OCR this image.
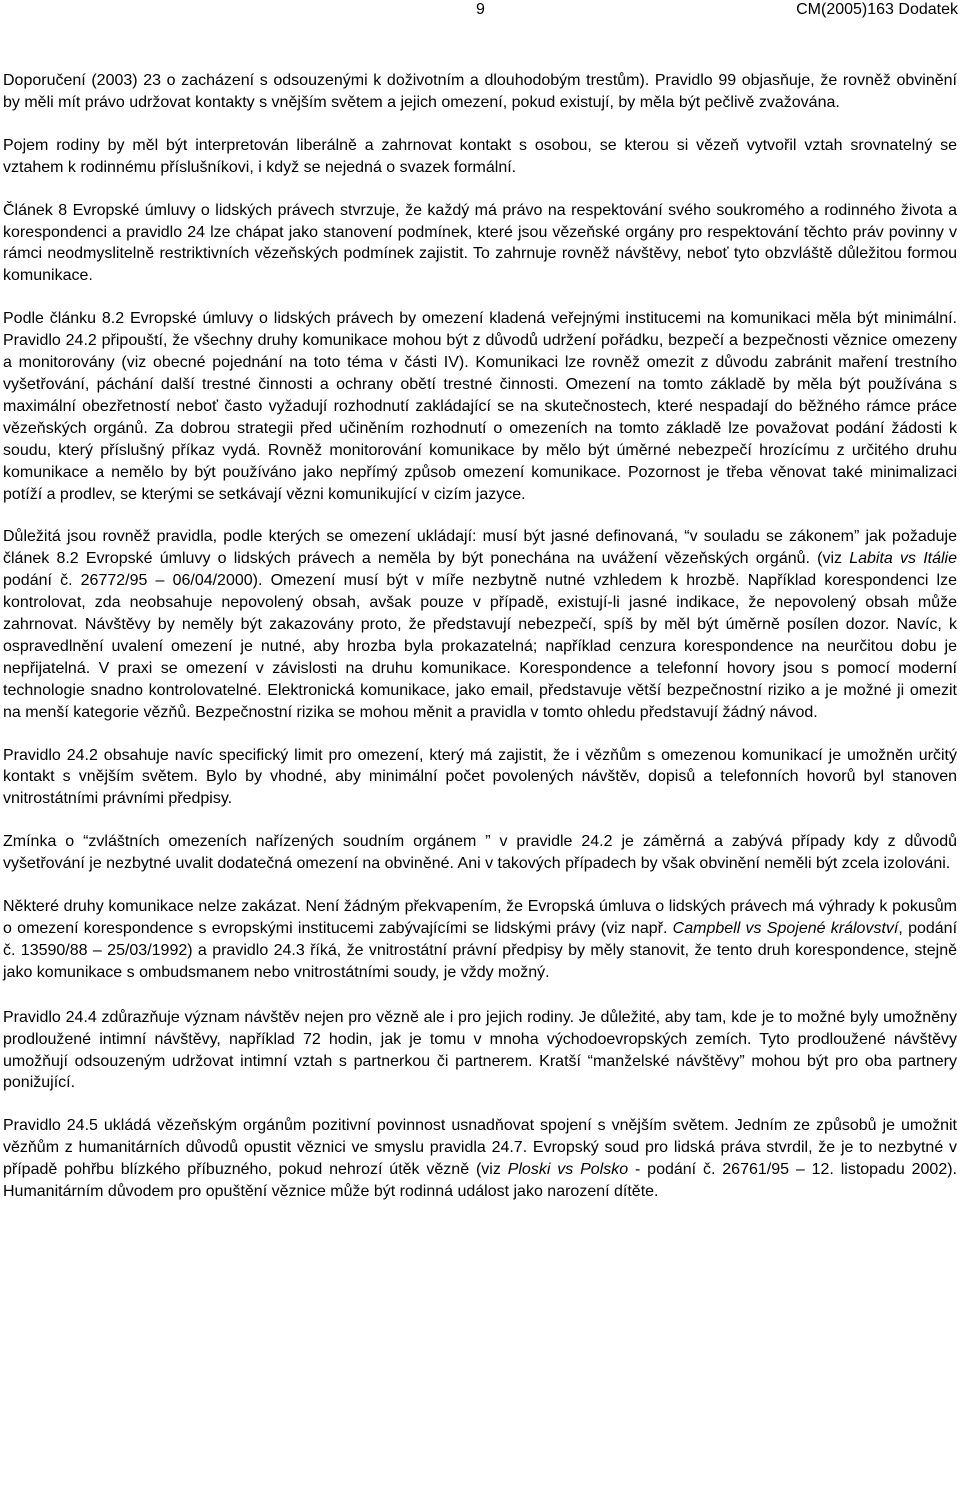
9	CM(2005)163 Dodatek

Doporučení (2003) 23 o zacházení s odsouzenými k doživotním a dlouhodobým trestům). Pravidlo 99 objasňuje, že rovněž obvinění by měli mít právo udržovat kontakty s vnějším světem a jejich omezení, pokud existují, by měla být pečlivě zvažována.

Pojem rodiny by měl být interpretován liberálně a zahrnovat kontakt s osobou, se kterou si vězeň vytvořil vztah srovnatelný se vztahem k rodinnému příslušníkovi, i když se nejedná o svazek formální.

Článek 8 Evropské úmluvy o lidských právech stvrzuje, že každý má právo na respektování svého soukromého a rodinného života a korespondenci a pravidlo 24 lze chápat jako stanovení podmínek, které jsou vězeňské orgány pro respektování těchto práv povinny v rámci neodmyslitelně restriktivních vězeňských podmínek zajistit. To zahrnuje rovněž návštěvy, neboť tyto obzvláště důležitou formou komunikace.

Podle článku 8.2 Evropské úmluvy o lidských právech by omezení kladená veřejnými institucemi na komunikaci měla být minimální. Pravidlo 24.2 připouští, že všechny druhy komunikace mohou být z důvodů udržení pořádku, bezpečí a bezpečnosti věznice omezeny a monitorovány (viz obecné pojednání na toto téma v části IV). Komunikaci lze rovněž omezit z důvodu zabránit maření trestního vyšetřování, páchání další trestné činnosti a ochrany obětí trestné činnosti. Omezení na tomto základě by měla být používána s maximální obezřetností neboť často vyžadují rozhodnutí zakládající se na skutečnostech, které nespadají do běžného rámce práce vězeňských orgánů. Za dobrou strategii před učiněním rozhodnutí o omezeních na tomto základě lze považovat podání žádosti k soudu, který příslušný příkaz vydá. Rovněž monitorování komunikace by mělo být úměrné nebezpečí hrozícímu z určitého druhu komunikace a nemělo by být používáno jako nepřímý způsob omezení komunikace. Pozornost je třeba věnovat také minimalizaci potíží a prodlev, se kterými se setkávají vězni komunikující v cizím jazyce.

Důležitá jsou rovněž pravidla, podle kterých se omezení ukládají: musí být jasné definovaná, “v souladu se zákonem” jak požaduje článek 8.2 Evropské úmluvy o lidských právech a neměla by být ponechána na uvážení vězeňských orgánů. (viz Labita vs Itálie podání č. 26772/95 – 06/04/2000). Omezení musí být v míře nezbytně nutné vzhledem k hrozbě. Například korespondenci lze kontrolovat, zda neobsahuje nepovolený obsah, avšak pouze v případě, existují-li jasné indikace, že nepovolený obsah může zahrnovat. Návštěvy by neměly být zakazovány proto, že představují nebezpečí, spíš by měl být úměrně posílen dozor. Navíc, k ospravedlnění uvalení omezení je nutné, aby hrozba byla prokazatelná; například cenzura korespondence na neurčitou dobu je nepřijatelná. V praxi se omezení v závislosti na druhu komunikace. Korespondence a telefonní hovory jsou s pomocí moderní technologie snadno kontrolovatelné. Elektronická komunikace, jako email, představuje větší bezpečnostní riziko a je možné ji omezit na menší kategorie vězňů. Bezpečnostní rizika se mohou měnit a pravidla v tomto ohledu představují žádný návod.

Pravidlo 24.2 obsahuje navíc specifický limit pro omezení, který má zajistit, že i vězňům s omezenou komunikací je umožněn určitý kontakt s vnějším světem. Bylo by vhodné, aby minimální počet povolených návštěv, dopisů a telefonních hovorů byl stanoven vnitrostátními právními předpisy.

Zmínka o “zvláštních omezeních nařízených soudním orgánem ” v pravidle 24.2 je záměrná a zabývá případy kdy z důvodů vyšetřování je nezbytné uvalit dodatečná omezení na obviněné. Ani v takových případech by však obvinění neměli být zcela izolováni.

Některé druhy komunikace nelze zakázat. Není žádným překvapením, že Evropská úmluva o lidských právech má výhrady k pokusům o omezení korespondence s evropskými institucemi zabývajícími se lidskými právy (viz např. Campbell vs Spojené království, podání č. 13590/88 – 25/03/1992) a pravidlo 24.3 říká, že vnitrostátní právní předpisy by měly stanovit, že tento druh korespondence, stejně jako komunikace s ombudsmanem nebo vnitrostátními soudy, je vždy možný.

Pravidlo 24.4 zdůrazňuje význam návštěv nejen pro vězně ale i pro jejich rodiny. Je důležité, aby tam, kde je to možné byly umožněny prodloužené intimní návštěvy, například 72 hodin, jak je tomu v mnoha východoevropských zemích. Tyto prodloužené návštěvy umožňují odsouzeným udržovat intimní vztah s partnerkou či partnerem. Kratší “manželské návštěvy” mohou být pro oba partnery ponižující.

Pravidlo 24.5 ukládá vězeňským orgánům pozitivní povinnost usnadňovat spojení s vnějším světem. Jedním ze způsobů je umožnit vězňům z humanitárních důvodů opustit věznici ve smyslu pravidla 24.7. Evropský soud pro lidská práva stvrdil, že je to nezbytné v případě pohřbu blízkého příbuzného, pokud nehrozí útěk vězně (viz Ploski vs Polsko - podání č. 26761/95 – 12. listopadu 2002). Humanitárním důvodem pro opuštění věznice může být rodinná událost jako narození dítěte.
